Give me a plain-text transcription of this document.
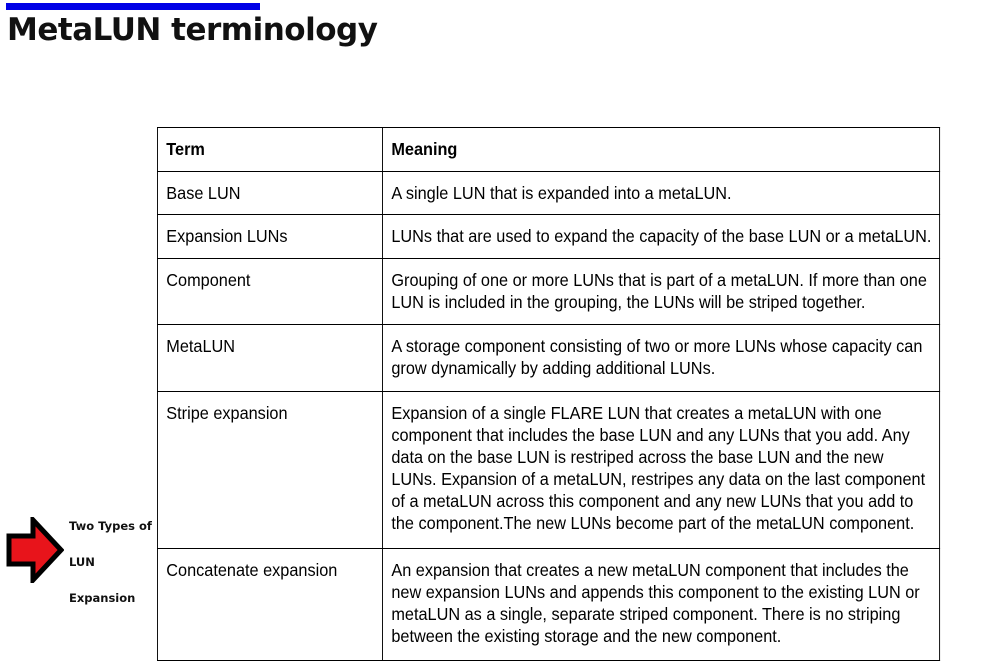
MetaLUN terminology
Term	Meaning
Base LUN	A single LUN that is expanded into a metaLUN.
Expansion LUNs	LUNs that are used to expand the capacity of the base LUN or a metaLUN.
Component	Grouping of one or more LUNs that is part of a metaLUN. If more than one LUN is included in the grouping, the LUNs will be striped together.
MetaLUN	A storage component consisting of two or more LUNs whose capacity can grow dynamically by adding additional LUNs.
Stripe expansion	Expansion of a single FLARE LUN that creates a metaLUN with one component that includes the base LUN and any LUNs that you add. Any data on the base LUN is restriped across the base LUN and the new LUNs. Expansion of a metaLUN, restripes any data on the last component of a metaLUN across this component and any new LUNs that you add to the component.The new LUNs become part of the metaLUN component.
Concatenate expansion	An expansion that creates a new metaLUN component that includes the new expansion LUNs and appends this component to the existing LUN or metaLUN as a single, separate striped component. There is no striping between the existing storage and the new component.
Two Types of
LUN
Expansion
